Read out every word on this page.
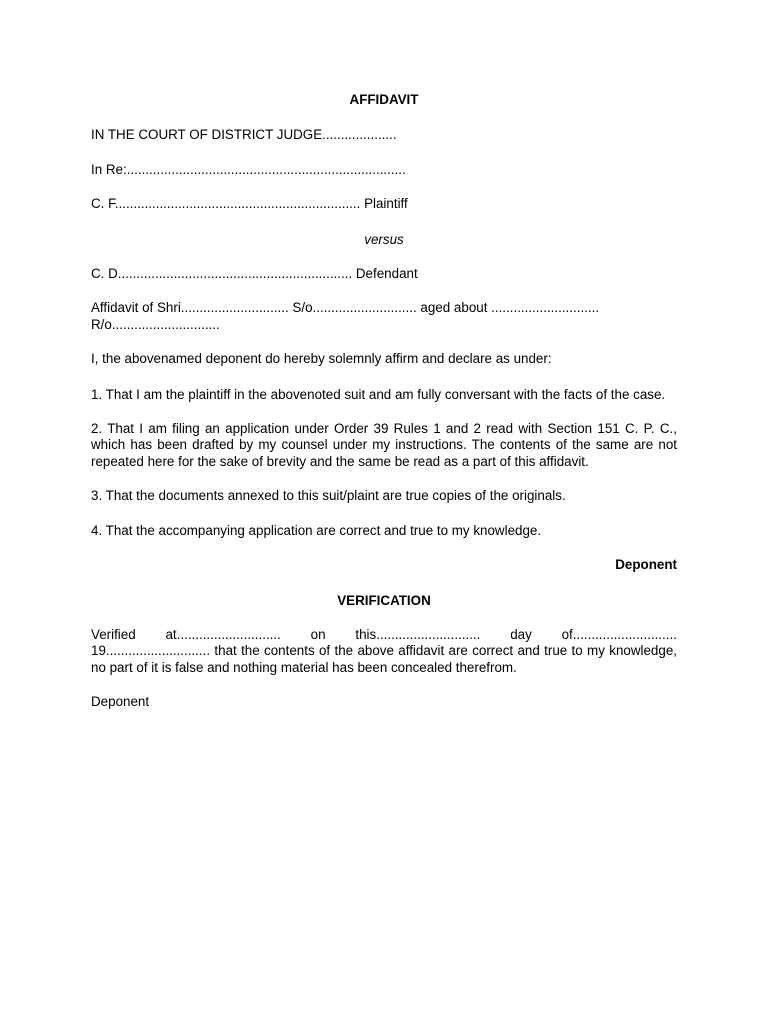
AFFIDAVIT

IN THE COURT OF DISTRICT JUDGE....................

In Re:...........................................................................

C. F.................................................................. Plaintiff

versus

C. D............................................................... Defendant

Affidavit of Shri............................. S/o............................ aged about .............................
R/o.............................

I, the abovenamed deponent do hereby solemnly affirm and declare as under:

1. That I am the plaintiff in the abovenoted suit and am fully conversant with the facts of the case.

2. That I am filing an application under Order 39 Rules 1 and 2 read with Section 151 C. P. C., which has been drafted by my counsel under my instructions. The contents of the same are not repeated here for the sake of brevity and the same be read as a part of this affidavit.

3. That the documents annexed to this suit/plaint are true copies of the originals.

4. That the accompanying application are correct and true to my knowledge.

Deponent

VERIFICATION

Verified at............................ on this............................ day of............................
19............................ that the contents of the above affidavit are correct and true to my knowledge, no part of it is false and nothing material has been concealed therefrom.

Deponent
